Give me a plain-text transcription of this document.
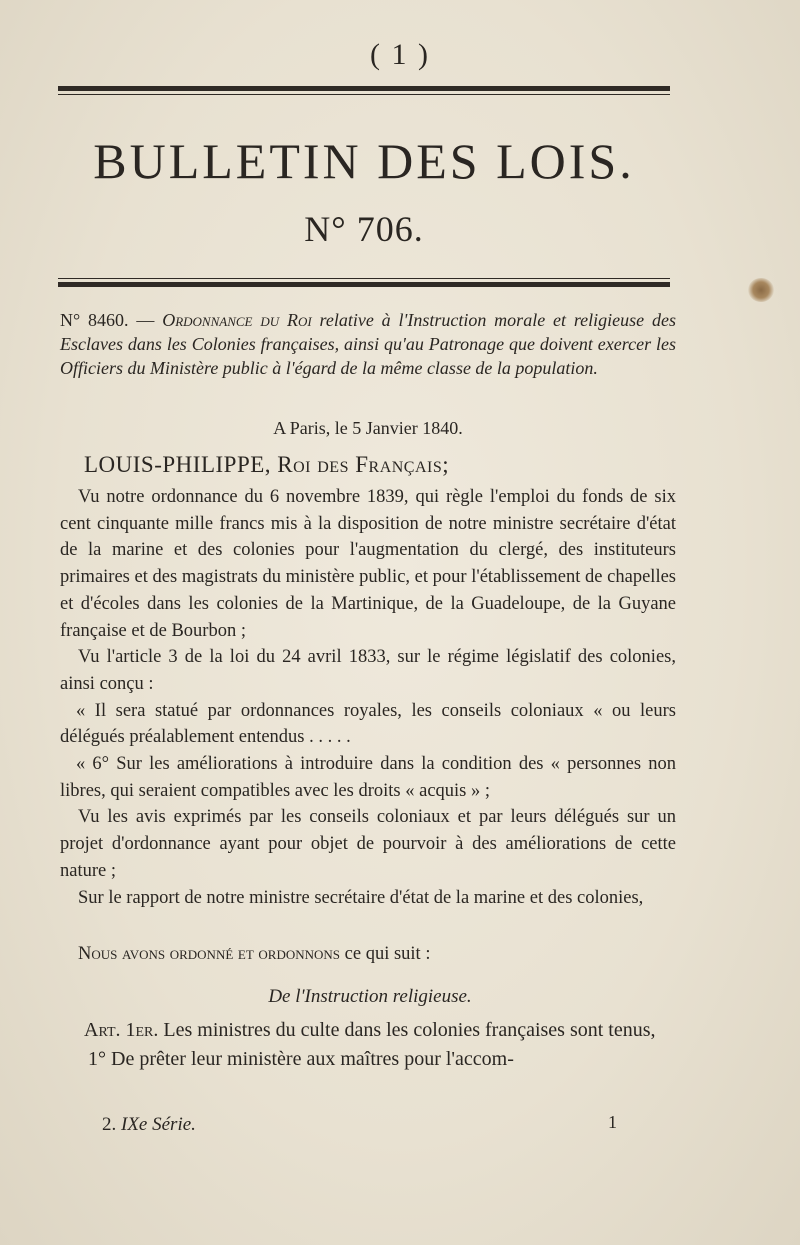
( 1 )
BULLETIN DES LOIS.
N° 706.
N° 8460. — Ordonnance du Roi relative à l'Instruction morale et religieuse des Esclaves dans les Colonies françaises, ainsi qu'au Patronage que doivent exercer les Officiers du Ministère public à l'égard de la même classe de la population.
A Paris, le 5 Janvier 1840.
LOUIS-PHILIPPE, Roi des Français;

Vu notre ordonnance du 6 novembre 1839, qui règle l'emploi du fonds de six cent cinquante mille francs mis à la disposition de notre ministre secrétaire d'état de la marine et des colonies pour l'augmentation du clergé, des instituteurs primaires et des magistrats du ministère public, et pour l'établissement de chapelles et d'écoles dans les colonies de la Martinique, de la Guadeloupe, de la Guyane française et de Bourbon ;

Vu l'article 3 de la loi du 24 avril 1833, sur le régime législatif des colonies, ainsi conçu :

« Il sera statué par ordonnances royales, les conseils coloniaux « ou leurs délégués préalablement entendus . . . . .

« 6° Sur les améliorations à introduire dans la condition des « personnes non libres, qui seraient compatibles avec les droits « acquis » ;

Vu les avis exprimés par les conseils coloniaux et par leurs délégués sur un projet d'ordonnance ayant pour objet de pourvoir à des améliorations de cette nature ;

Sur le rapport de notre ministre secrétaire d'état de la marine et des colonies,

Nous avons ordonné et ordonnons ce qui suit :
De l'Instruction religieuse.

Art. 1er. Les ministres du culte dans les colonies françaises sont tenus,

1° De prêter leur ministère aux maîtres pour l'accom-

2. IXe Série.	1
